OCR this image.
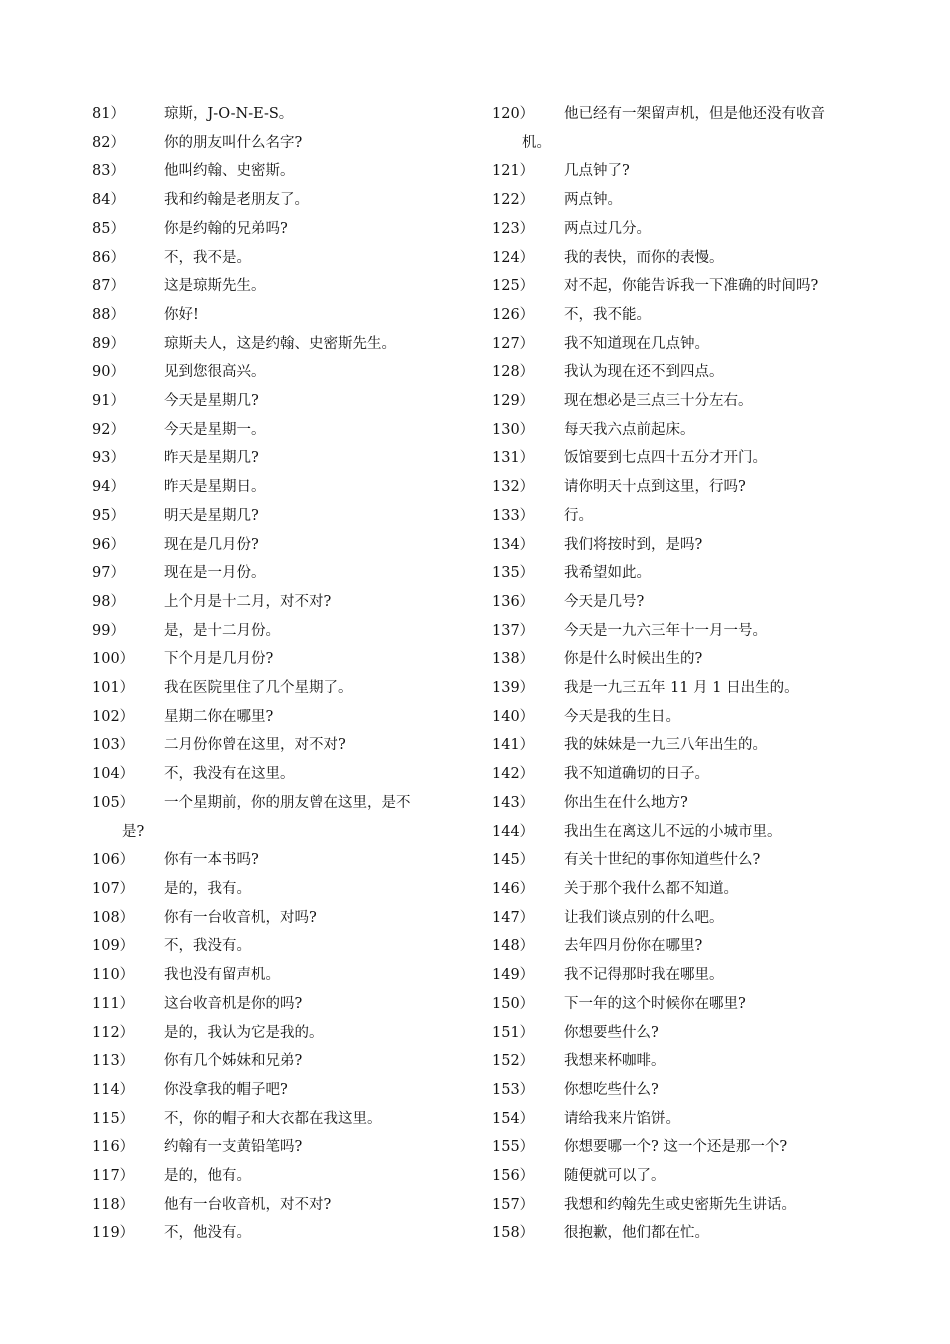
81）	琼斯，J-O-N-E-S。
82）	你的朋友叫什么名字?
83）	他叫约翰、史密斯。
84）	我和约翰是老朋友了。
85）	你是约翰的兄弟吗?
86）	不，我不是。
87）	这是琼斯先生。
88）	你好!
89）	琼斯夫人，这是约翰、史密斯先生。
90）	见到您很高兴。
91）	今天是星期几?
92）	今天是星期一。
93）	昨天是星期几?
94）	昨天是星期日。
95）	明天是星期几?
96）	现在是几月份?
97）	现在是一月份。
98）	上个月是十二月，对不对?
99）	是，是十二月份。
100）	下个月是几月份?
101）	我在医院里住了几个星期了。
102）	星期二你在哪里?
103）	二月份你曾在这里，对不对?
104）	不，我没有在这里。
105）	一个星期前，你的朋友曾在这里，是不
是?
106）	你有一本书吗?
107）	是的，我有。
108）	你有一台收音机，对吗?
109）	不，我没有。
110）	我也没有留声机。
111）	这台收音机是你的吗?
112）	是的，我认为它是我的。
113）	你有几个姊妹和兄弟?
114）	你没拿我的帽子吧?
115）	不，你的帽子和大衣都在我这里。
116）	约翰有一支黄铅笔吗?
117）	是的，他有。
118）	他有一台收音机，对不对?
119）	不，他没有。
120）	他已经有一架留声机，但是他还没有收音
机。
121）	几点钟了?
122）	两点钟。
123）	两点过几分。
124）	我的表快，而你的表慢。
125）	对不起，你能告诉我一下准确的时间吗?
126）	不，我不能。
127）	我不知道现在几点钟。
128）	我认为现在还不到四点。
129）	现在想必是三点三十分左右。
130）	每天我六点前起床。
131）	饭馆要到七点四十五分才开门。
132）	请你明天十点到这里，行吗?
133）	行。
134）	我们将按时到，是吗?
135）	我希望如此。
136）	今天是几号?
137）	今天是一九六三年十一月一号。
138）	你是什么时候出生的?
139）	我是一九三五年 11 月 1 日出生的。
140）	今天是我的生日。
141）	我的妹妹是一九三八年出生的。
142）	我不知道确切的日子。
143）	你出生在什么地方?
144）	我出生在离这儿不远的小城市里。
145）	有关十世纪的事你知道些什么?
146）	关于那个我什么都不知道。
147）	让我们谈点别的什么吧。
148）	去年四月份你在哪里?
149）	我不记得那时我在哪里。
150）	下一年的这个时候你在哪里?
151）	你想要些什么?
152）	我想来杯咖啡。
153）	你想吃些什么?
154）	请给我来片馅饼。
155）	你想要哪一个? 这一个还是那一个?
156）	随便就可以了。
157）	我想和约翰先生或史密斯先生讲话。
158）	很抱歉，他们都在忙。
